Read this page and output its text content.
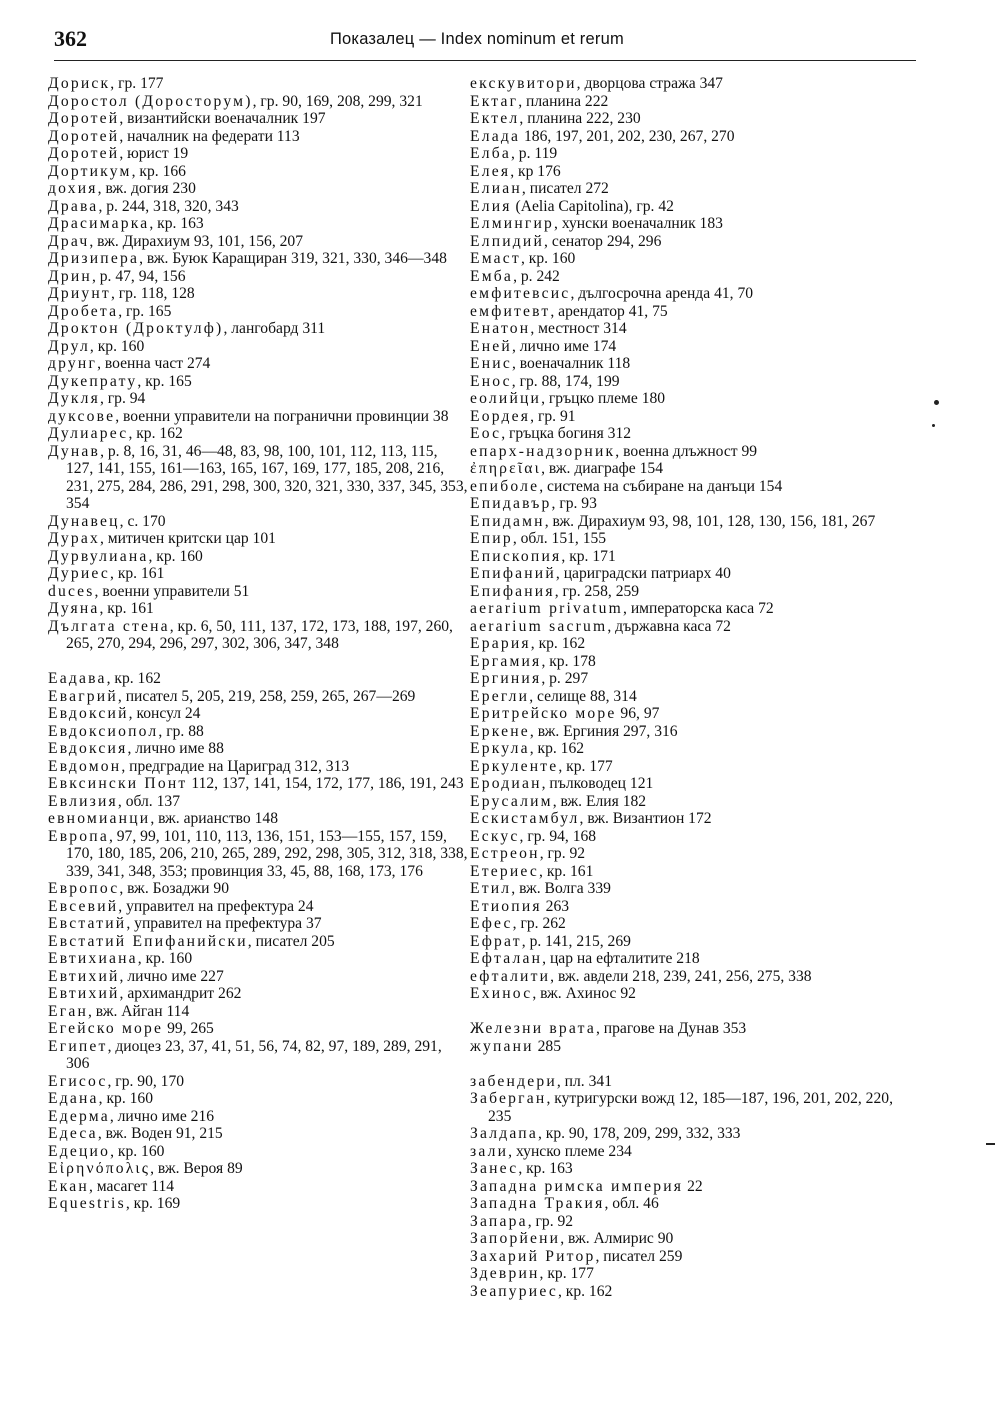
362	Показалец — Index nominum et rerum
Дориск, гр. 177
Доростол (Доросторум), гр. 90, 169, 208, 299, 321
Доротей, византийски военачалник 197
Доротей, началник на федерати 113
Доротей, юрист 19
Дортикум, кр. 166
дохия, вж. догия 230
Драва, р. 244, 318, 320, 343
Драсимарка, кр. 163
Драч, вж. Дирахиум 93, 101, 156, 207
Дризипера, вж. Буюк Каращиран 319, 321, 330, 346—348
Дрин, р. 47, 94, 156
Дриунт, гр. 118, 128
Дробета, гр. 165
Дроктон (Дроктулф), лангобард 311
Друл, кр. 160
друнг, военна част 274
Дукепрату, кр. 165
Дукля, гр. 94
дуксове, военни управители на погранични провинции 38
Дулиарес, кр. 162
Дунав, р. 8, 16, 31, 46—48, 83, 98, 100, 101, 112, 113, 115, 127, 141, 155, 161—163, 165, 167, 169, 177, 185, 208, 216, 231, 275, 284, 286, 291, 298, 300, 320, 321, 330, 337, 345, 353, 354
Дунавец, с. 170
Дурах, митичен критски цар 101
Дурвулиана, кр. 160
Дуриес, кр. 161
duces, военни управители 51
Дуяна, кр. 161
Дългата стена, кр. 6, 50, 111, 137, 172, 173, 188, 197, 260, 265, 270, 294, 296, 297, 302, 306, 347, 348
Еадава, кр. 162
Евагрий, писател 5, 205, 219, 258, 259, 265, 267—269
Евдоксий, консул 24
Евдоксиопол, гр. 88
Евдоксия, лично име 88
Евдомон, предградие на Цариград 312, 313
Евксински Понт 112, 137, 141, 154, 172, 177, 186, 191, 243
Евлизия, обл. 137
евномианци, вж. арианство 148
Европа, 97, 99, 101, 110, 113, 136, 151, 153—155, 157, 159, 170, 180, 185, 206, 210, 265, 289, 292, 298, 305, 312, 318, 338, 339, 341, 348, 353; провинция 33, 45, 88, 168, 173, 176
Европос, вж. Бозаджи 90
Евсевий, управител на префектура 24
Евстатий, управител на префектура 37
Евстатий Епифанийски, писател 205
Евтихиана, кр. 160
Евтихий, лично име 227
Евтихий, архимандрит 262
Еган, вж. Айган 114
Егейско море 99, 265
Египет, диоцез 23, 37, 41, 51, 56, 74, 82, 97, 189, 289, 291, 306
Егисос, гр. 90, 170
Едана, кр. 160
Едерма, лично име 216
Едеса, вж. Воден 91, 215
Едецио, кр. 160
Εἰρηνόπολις, вж. Вероя 89
Екан, масагет 114
Equestris, кр. 169
екскувитори, дворцова стража 347
Ектаг, планина 222
Ектел, планина 222, 230
Елада 186, 197, 201, 202, 230, 267, 270
Елба, р. 119
Елея, кр 176
Елиан, писател 272
Елия (Aelia Capitolina), гр. 42
Елмингир, хунски военачалник 183
Елпидий, сенатор 294, 296
Емаст, кр. 160
Емба, р. 242
емфитевсис, дългосрочна аренда 41, 70
емфитевт, арендатор 41, 75
Енатон, местност 314
Еней, лично име 174
Енис, военачалник 118
Енос, гр. 88, 174, 199
еолийци, гръцко племе 180
Еордея, гр. 91
Еос, гръцка богиня 312
епарх-надзорник, военна длъжност 99
ἐπηρεῖαι, вж. диаграфе 154
епиболе, система на събиране на данъци 154
Епидавър, гр. 93
Епидамн, вж. Дирахиум 93, 98, 101, 128, 130, 156, 181, 267
Епир, обл. 151, 155
Епископия, кр. 171
Епифаний, цариградски патриарх 40
Епифания, гр. 258, 259
aerarium privatum, императорска каса 72
aerarium sacrum, държавна каса 72
Ерария, кр. 162
Ергамия, кр. 178
Ергиния, р. 297
Ерегли, селище 88, 314
Еритрейско море 96, 97
Еркене, вж. Ергиния 297, 316
Еркула, кр. 162
Еркуленте, кр. 177
Еродиан, пълководец 121
Ерусалим, вж. Елия 182
Ескистамбул, вж. Византион 172
Ескус, гр. 94, 168
Естреон, гр. 92
Етериес, кр. 161
Етил, вж. Волга 339
Етиопия 263
Ефес, гр. 262
Ефрат, р. 141, 215, 269
Ефталан, цар на ефталитите 218
ефталити, вж. авдели 218, 239, 241, 256, 275, 338
Ехинос, вж. Ахинос 92
Железни врата, прагове на Дунав 353
жупани 285
забендери, пл. 341
Заберган, кутригурски вожд 12, 185—187, 196, 201, 202, 220, 235
Залдапа, кр. 90, 178, 209, 299, 332, 333
зали, хунско племе 234
Занес, кр. 163
Западна римска империя 22
Западна Тракия, обл. 46
Запара, гр. 92
Запорйени, вж. Алмирис 90
Захарий Ритор, писател 259
Здеврин, кр. 177
Зеапуриес, кр. 162
